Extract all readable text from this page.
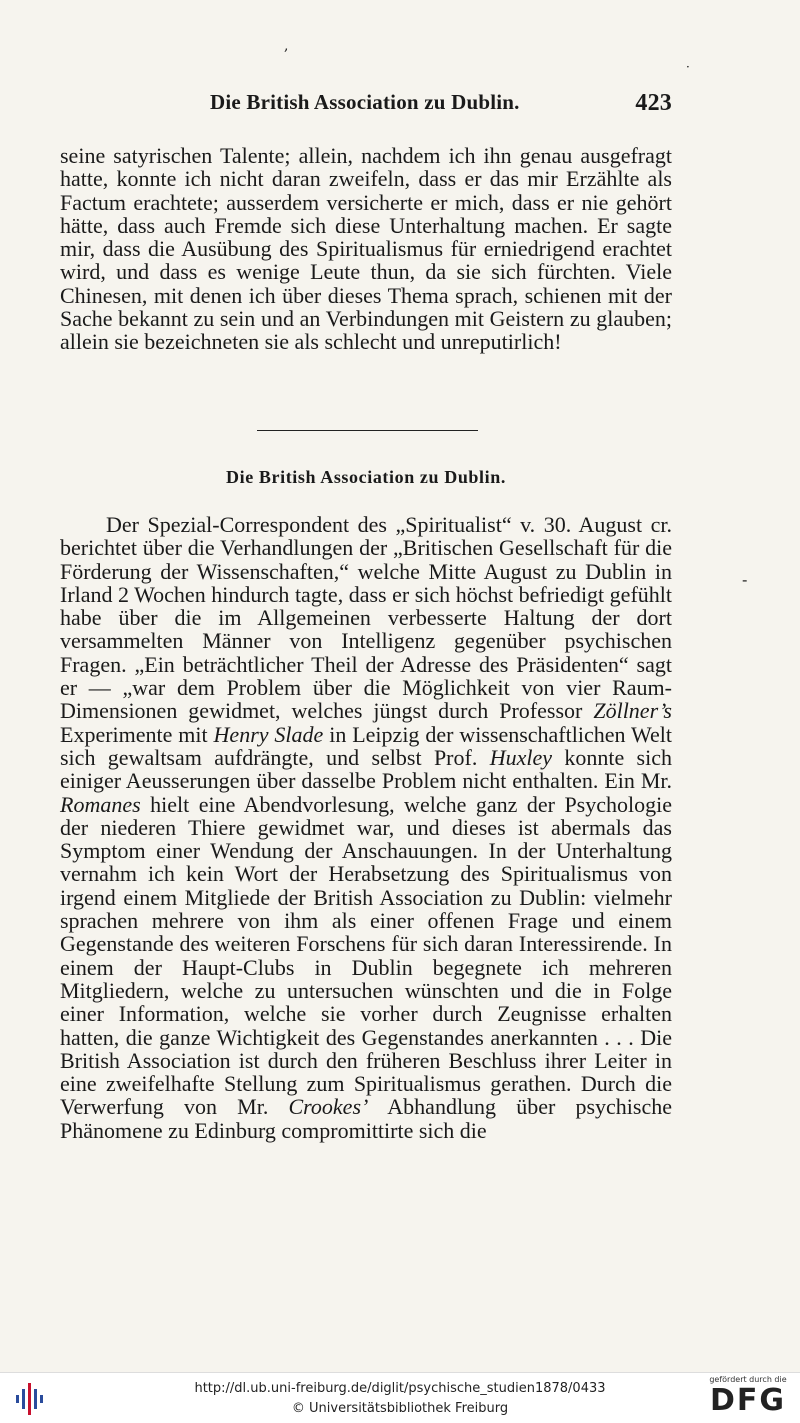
,
·
-
Die British Association zu Dublin.	423
seine satyrischen Talente; allein, nachdem ich ihn genau ausgefragt hatte, konnte ich nicht daran zweifeln, dass er das mir Erzählte als Factum erachtete; ausserdem versicherte er mich, dass er nie gehört hätte, dass auch Fremde sich diese Unterhaltung machen. Er sagte mir, dass die Ausübung des Spiritualismus für erniedrigend erachtet wird, und dass es wenige Leute thun, da sie sich fürchten. Viele Chinesen, mit denen ich über dieses Thema sprach, schienen mit der Sache bekannt zu sein und an Verbindungen mit Geistern zu glauben; allein sie bezeichneten sie als schlecht und unreputirlich!
Die British Association zu Dublin.
Der Spezial-Correspondent des „Spiritualist“ v. 30. August cr. berichtet über die Verhandlungen der „Britischen Gesellschaft für die Förderung der Wissenschaften,“ welche Mitte August zu Dublin in Irland 2 Wochen hindurch tagte, dass er sich höchst befriedigt gefühlt habe über die im Allgemeinen verbesserte Haltung der dort versammelten Männer von Intelligenz gegenüber psychischen Fragen. „Ein beträchtlicher Theil der Adresse des Präsidenten“ sagt er — „war dem Problem über die Möglichkeit von vier Raum-Dimensionen gewidmet, welches jüngst durch Professor Zöllner’s Experimente mit Henry Slade in Leipzig der wissenschaftlichen Welt sich gewaltsam aufdrängte, und selbst Prof. Huxley konnte sich einiger Aeusserungen über dasselbe Problem nicht enthalten. Ein Mr. Romanes hielt eine Abendvorlesung, welche ganz der Psychologie der niederen Thiere gewidmet war, und dieses ist abermals das Symptom einer Wendung der Anschauungen. In der Unterhaltung vernahm ich kein Wort der Herabsetzung des Spiritualismus von irgend einem Mitgliede der British Association zu Dublin: vielmehr sprachen mehrere von ihm als einer offenen Frage und einem Gegenstande des weiteren Forschens für sich daran Interessirende. In einem der Haupt-Clubs in Dublin begegnete ich mehreren Mitgliedern, welche zu untersuchen wünschten und die in Folge einer Information, welche sie vorher durch Zeugnisse erhalten hatten, die ganze Wichtigkeit des Gegenstandes anerkannten . . . Die British Association ist durch den früheren Beschluss ihrer Leiter in eine zweifelhafte Stellung zum Spiritualismus gerathen. Durch die Verwerfung von Mr. Crookes’ Abhandlung über psychische Phänomene zu Edinburg compromittirte sich die
http://dl.ub.uni-freiburg.de/diglit/psychische_studien1878/0433
© Universitätsbibliothek Freiburg
gefördert durch die
DFG
